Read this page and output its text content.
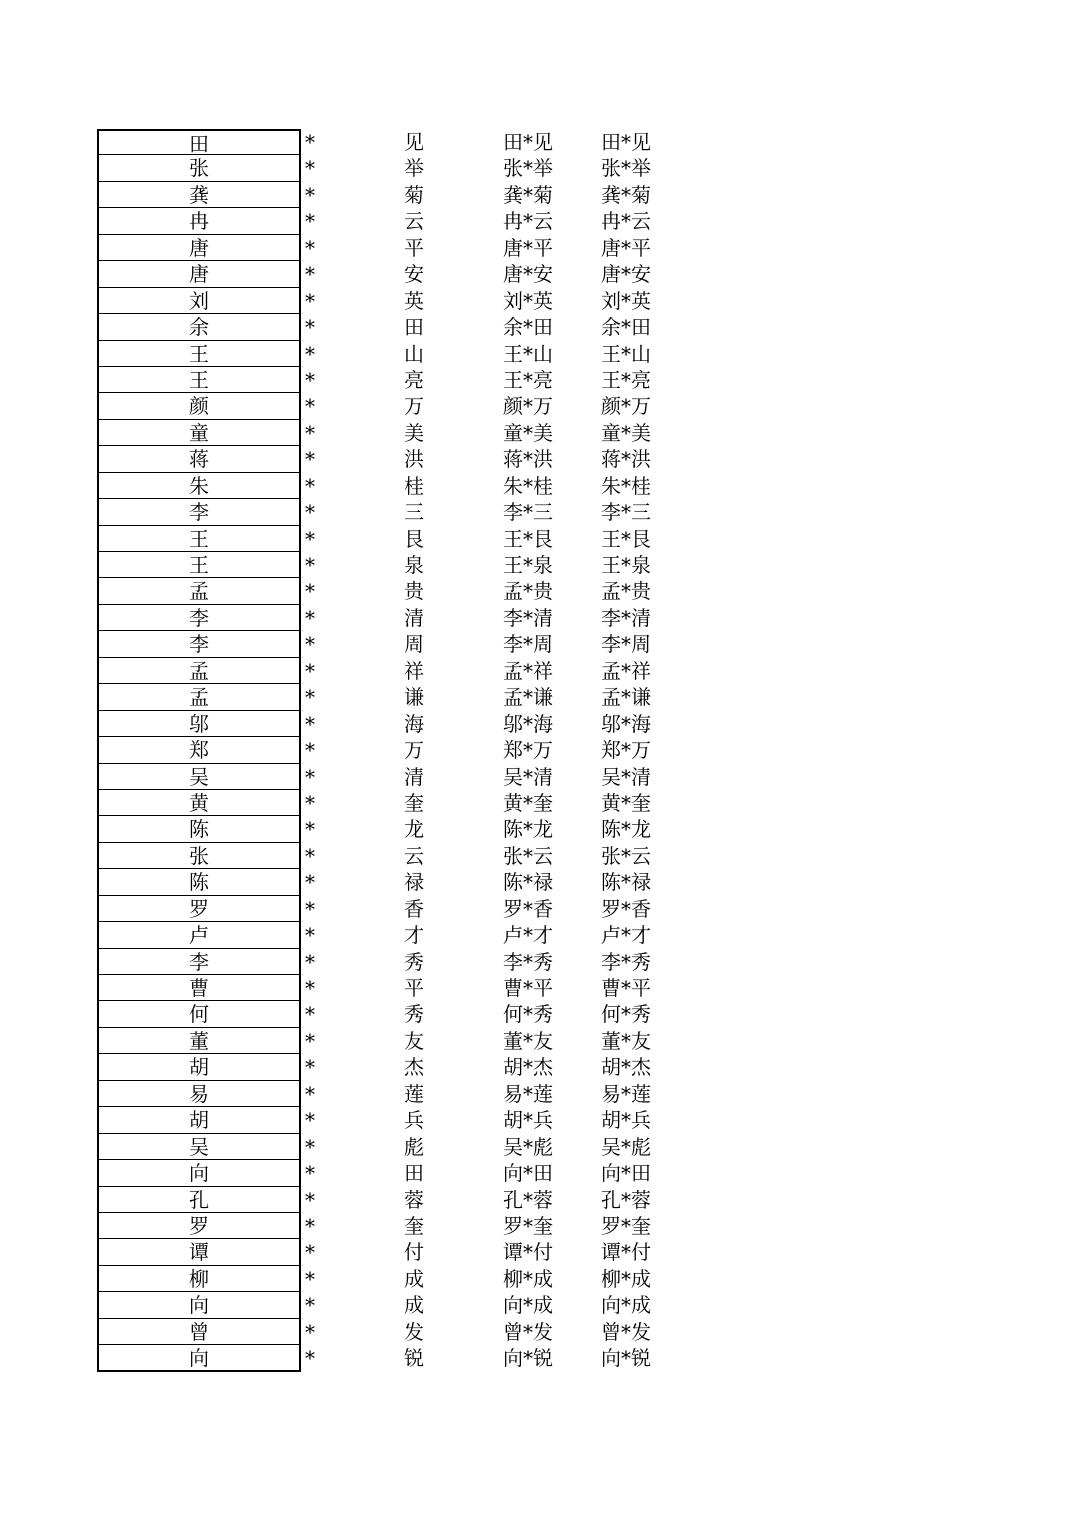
田	*	见	田*见	田*见
张	*	举	张*举	张*举
龚	*	菊	龚*菊	龚*菊
冉	*	云	冉*云	冉*云
唐	*	平	唐*平	唐*平
唐	*	安	唐*安	唐*安
刘	*	英	刘*英	刘*英
余	*	田	余*田	余*田
王	*	山	王*山	王*山
王	*	亮	王*亮	王*亮
颜	*	万	颜*万	颜*万
童	*	美	童*美	童*美
蒋	*	洪	蒋*洪	蒋*洪
朱	*	桂	朱*桂	朱*桂
李	*	三	李*三	李*三
王	*	艮	王*艮	王*艮
王	*	泉	王*泉	王*泉
孟	*	贵	孟*贵	孟*贵
李	*	清	李*清	李*清
李	*	周	李*周	李*周
孟	*	祥	孟*祥	孟*祥
孟	*	谦	孟*谦	孟*谦
邬	*	海	邬*海	邬*海
郑	*	万	郑*万	郑*万
吴	*	清	吴*清	吴*清
黄	*	奎	黄*奎	黄*奎
陈	*	龙	陈*龙	陈*龙
张	*	云	张*云	张*云
陈	*	禄	陈*禄	陈*禄
罗	*	香	罗*香	罗*香
卢	*	才	卢*才	卢*才
李	*	秀	李*秀	李*秀
曹	*	平	曹*平	曹*平
何	*	秀	何*秀	何*秀
董	*	友	董*友	董*友
胡	*	杰	胡*杰	胡*杰
易	*	莲	易*莲	易*莲
胡	*	兵	胡*兵	胡*兵
吴	*	彪	吴*彪	吴*彪
向	*	田	向*田	向*田
孔	*	蓉	孔*蓉	孔*蓉
罗	*	奎	罗*奎	罗*奎
谭	*	付	谭*付	谭*付
柳	*	成	柳*成	柳*成
向	*	成	向*成	向*成
曾	*	发	曾*发	曾*发
向	*	锐	向*锐	向*锐
